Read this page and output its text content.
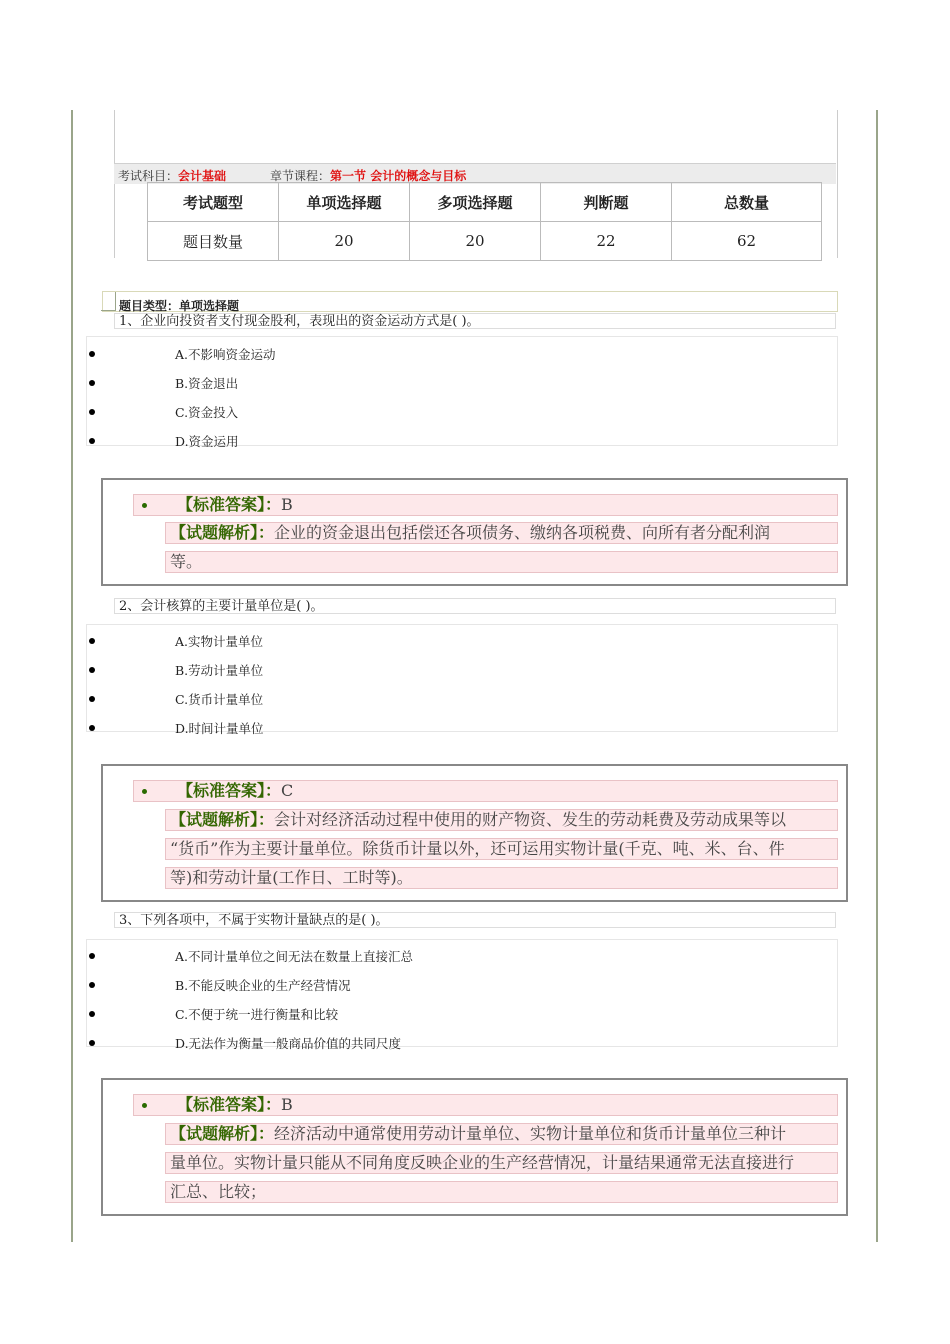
考试科目：会计基础	章节课程：第一节 会计的概念与目标
考试题型	单项选择题	多项选择题	判断题	总数量
题目数量	20	20	22	62
题目类型：单项选择题
1、企业向投资者支付现金股利，表现出的资金运动方式是( )。
A.不影响资金运动
B.资金退出
C.资金投入
D.资金运用
【标准答案】：B
【试题解析】：企业的资金退出包括偿还各项债务、缴纳各项税费、向所有者分配利润
等。
2、会计核算的主要计量单位是( )。
A.实物计量单位
B.劳动计量单位
C.货币计量单位
D.时间计量单位
【标准答案】：C
【试题解析】：会计对经济活动过程中使用的财产物资、发生的劳动耗费及劳动成果等以
“货币”作为主要计量单位。除货币计量以外，还可运用实物计量(千克、吨、米、台、件
等)和劳动计量(工作日、工时等)。
3、下列各项中，不属于实物计量缺点的是( )。
A.不同计量单位之间无法在数量上直接汇总
B.不能反映企业的生产经营情况
C.不便于统一进行衡量和比较
D.无法作为衡量一般商品价值的共同尺度
【标准答案】：B
【试题解析】：经济活动中通常使用劳动计量单位、实物计量单位和货币计量单位三种计
量单位。实物计量只能从不同角度反映企业的生产经营情况，计量结果通常无法直接进行
汇总、比较；
